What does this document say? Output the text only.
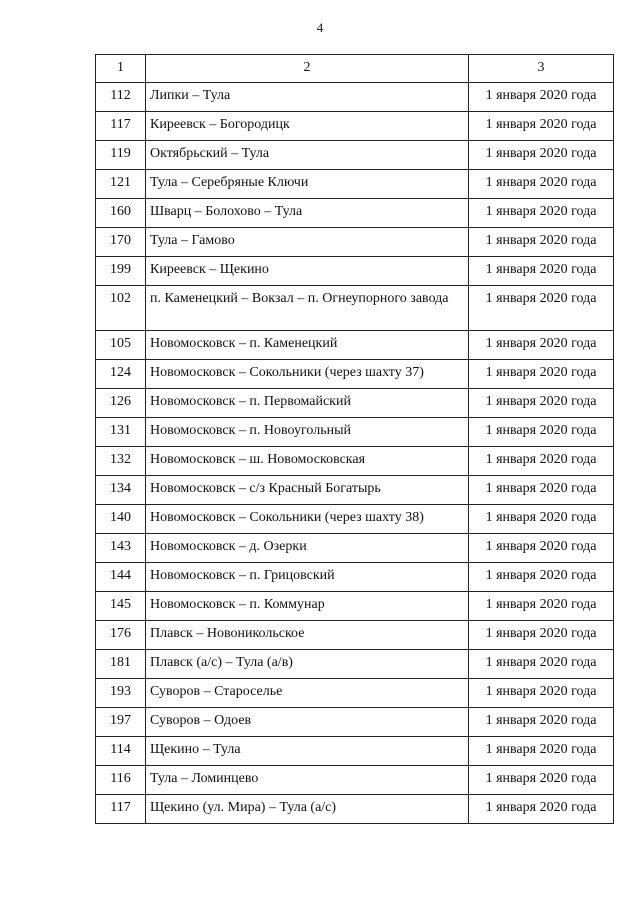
4
1	2	3
112	Липки – Тула	1 января 2020 года
117	Киреевск – Богородицк	1 января 2020 года
119	Октябрьский – Тула	1 января 2020 года
121	Тула – Серебряные Ключи	1 января 2020 года
160	Шварц – Болохово – Тула	1 января 2020 года
170	Тула – Гамово	1 января 2020 года
199	Киреевск – Щекино	1 января 2020 года
102	п. Каменецкий – Вокзал – п. Огнеупорного завода	1 января 2020 года
105	Новомосковск – п. Каменецкий	1 января 2020 года
124	Новомосковск – Сокольники (через шахту 37)	1 января 2020 года
126	Новомосковск – п. Первомайский	1 января 2020 года
131	Новомосковск – п. Новоугольный	1 января 2020 года
132	Новомосковск – ш. Новомосковская	1 января 2020 года
134	Новомосковск – с/з Красный Богатырь	1 января 2020 года
140	Новомосковск – Сокольники (через шахту 38)	1 января 2020 года
143	Новомосковск – д. Озерки	1 января 2020 года
144	Новомосковск – п. Грицовский	1 января 2020 года
145	Новомосковск – п. Коммунар	1 января 2020 года
176	Плавск – Новоникольское	1 января 2020 года
181	Плавск (а/с) – Тула (а/в)	1 января 2020 года
193	Суворов – Староселье	1 января 2020 года
197	Суворов – Одоев	1 января 2020 года
114	Щекино – Тула	1 января 2020 года
116	Тула – Ломинцево	1 января 2020 года
117	Щекино (ул. Мира) – Тула (а/с)	1 января 2020 года
